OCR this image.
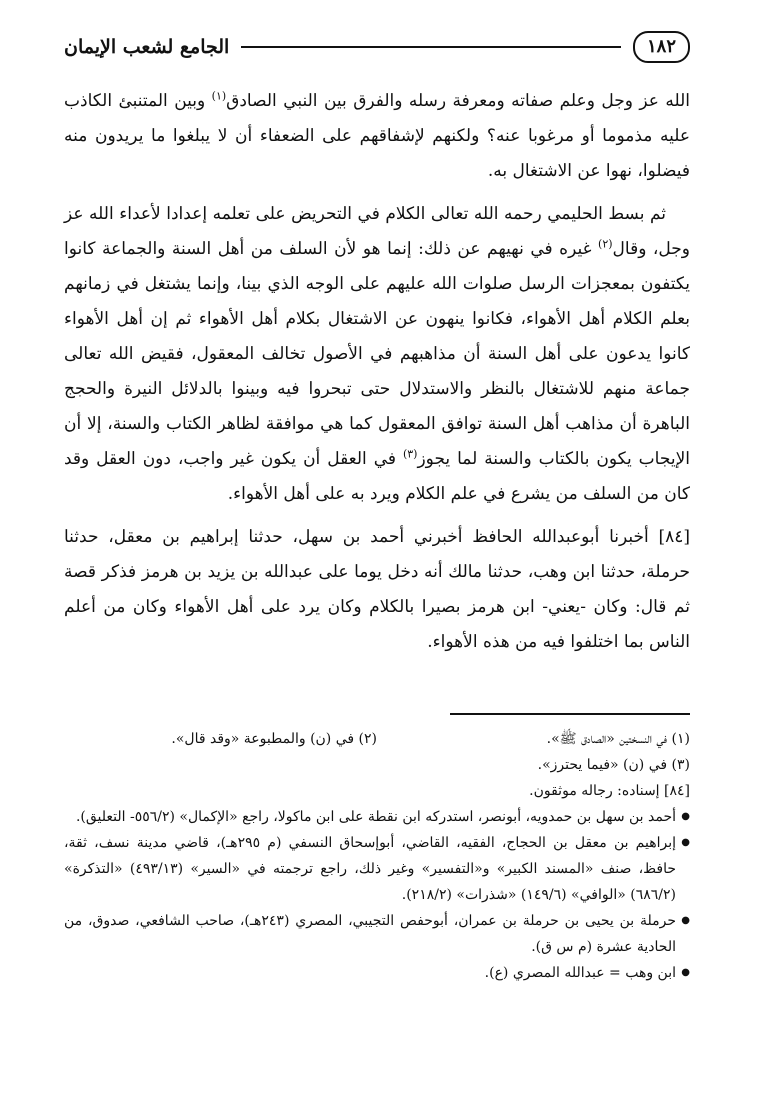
١٨٢
الجامع لشعب الإيمان

الله عز وجل وعلم صفاته ومعرفة رسله والفرق بين النبي الصادق$^{(١)}$ وبين المتنبئ الكاذب عليه مذموما أو مرغوبا عنه؟ ولكنهم لإشفاقهم على الضعفاء أن لا يبلغوا ما يريدون منه فيضلوا، نهوا عن الاشتغال به.

ثم بسط الحليمي رحمه الله تعالى الكلام في التحريض على تعلمه إعدادا لأعداء الله عز وجل، وقال$^{(٢)}$ غيره في نهيهم عن ذلك: إنما هو لأن السلف من أهل السنة والجماعة كانوا يكتفون بمعجزات الرسل صلوات الله عليهم على الوجه الذي بينا، وإنما يشتغل في زمانهم بعلم الكلام أهل الأهواء، فكانوا ينهون عن الاشتغال بكلام أهل الأهواء ثم إن أهل الأهواء كانوا يدعون على أهل السنة أن مذاهبهم في الأصول تخالف المعقول، فقيض الله تعالى جماعة منهم للاشتغال بالنظر والاستدلال حتى تبحروا فيه وبينوا بالدلائل النيرة والحجج الباهرة أن مذاهب أهل السنة توافق المعقول كما هي موافقة لظاهر الكتاب والسنة، إلا أن الإيجاب يكون بالكتاب والسنة لما يجوز$^{(٣)}$ في العقل أن يكون غير واجب، دون العقل وقد كان من السلف من يشرع في علم الكلام ويرد به على أهل الأهواء.

[٨٤] أخبرنا أبوعبدالله الحافظ أخبرني أحمد بن سهل، حدثنا إبراهيم بن معقل، حدثنا حرملة، حدثنا ابن وهب، حدثنا مالك أنه دخل يوما على عبدالله بن يزيد بن هرمز فذكر قصة ثم قال: وكان -يعني- ابن هرمز بصيرا بالكلام وكان يرد على أهل الأهواء وكان من أعلم الناس بما اختلفوا فيه من هذه الأهواء.

(١) في النسختين «الصادق ﷺ».
(٢) في (ن) والمطبوعة «وقد قال».

(٣) في (ن) «فيما يحترز».

[٨٤] إسناده: رجاله موثقون.

● أحمد بن سهل بن حمدويه، أبونصر، استدركه ابن نقطة على ابن ماكولا، راجع «الإكمال» (٥٥٦/٢- التعليق).
● إبراهيم بن معقل بن الحجاج، الفقيه، القاضي، أبوإسحاق النسفي (م ٢٩٥هـ)، قاضي مدينة نسف، ثقة، حافظ، صنف «المسند الكبير» و«التفسير» وغير ذلك، راجع ترجمته في «السير» (٤٩٣/١٣) «التذكرة» (٦٨٦/٢) «الوافي» (١٤٩/٦) «شذرات» (٢١٨/٢).
● حرملة بن يحيى بن حرملة بن عمران، أبوحفص التجيبي، المصري (٢٤٣هـ)، صاحب الشافعي، صدوق، من الحادية عشرة (م س ق).
● ابن وهب = عبدالله المصري (ع).
